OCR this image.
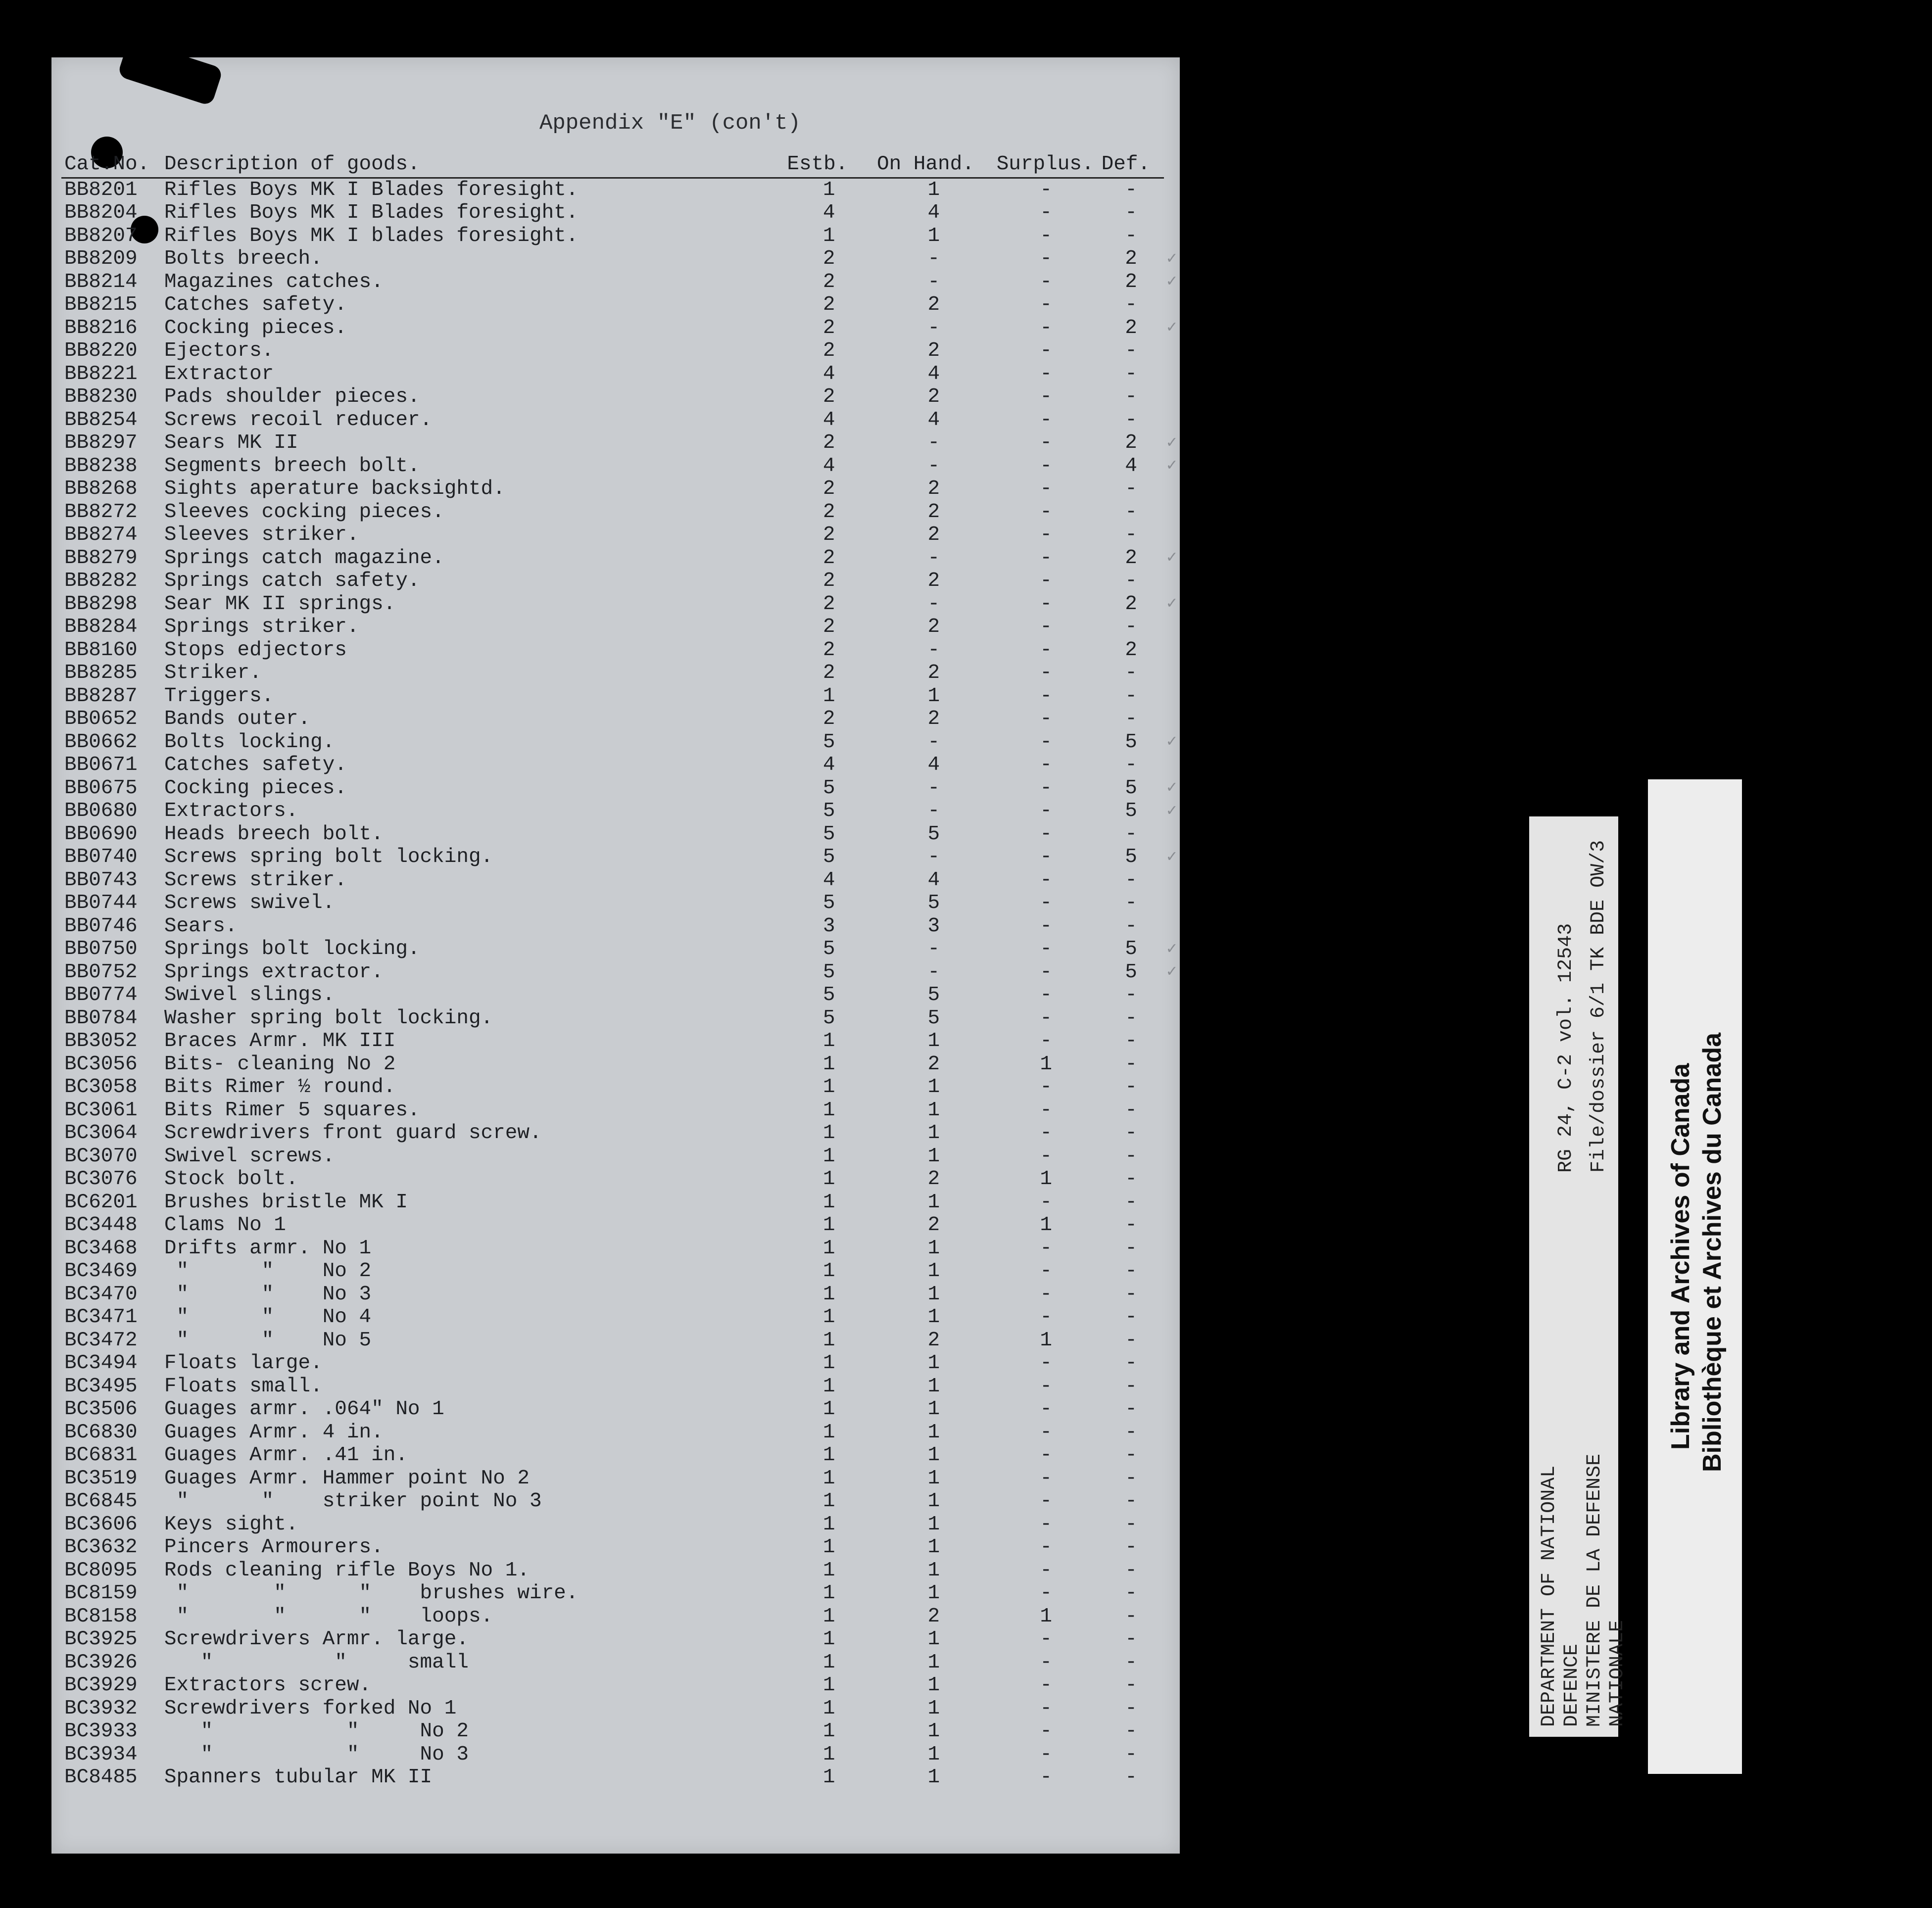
Appendix "E" (con't)
Cat.No.	Description of goods.	Estb.	On Hand.	Surplus.	Def.	
BB8201	Rifles Boys MK I Blades foresight.	1	1	-	-	
BB8204	Rifles Boys MK I Blades foresight.	4	4	-	-	
BB8207	Rifles Boys MK I blades foresight.	1	1	-	-	
BB8209	Bolts breech.	2	-	-	2	✓
BB8214	Magazines catches.	2	-	-	2	✓
BB8215	Catches safety.	2	2	-	-	
BB8216	Cocking pieces.	2	-	-	2	✓
BB8220	Ejectors.	2	2	-	-	
BB8221	Extractor	4	4	-	-	
BB8230	Pads shoulder pieces.	2	2	-	-	
BB8254	Screws recoil reducer.	4	4	-	-	
BB8297	Sears MK II	2	-	-	2	✓
BB8238	Segments breech bolt.	4	-	-	4	✓
BB8268	Sights aperature backsightd.	2	2	-	-	
BB8272	Sleeves cocking pieces.	2	2	-	-	
BB8274	Sleeves striker.	2	2	-	-	
BB8279	Springs catch magazine.	2	-	-	2	✓
BB8282	Springs catch safety.	2	2	-	-	
BB8298	Sear MK II springs.	2	-	-	2	✓
BB8284	Springs striker.	2	2	-	-	
BB8160	Stops edjectors	2	-	-	2	
BB8285	Striker.	2	2	-	-	
BB8287	Triggers.	1	1	-	-	
BB0652	Bands outer.	2	2	-	-	
BB0662	Bolts locking.	5	-	-	5	✓
BB0671	Catches safety.	4	4	-	-	
BB0675	Cocking pieces.	5	-	-	5	✓
BB0680	Extractors.	5	-	-	5	✓
BB0690	Heads breech bolt.	5	5	-	-	
BB0740	Screws spring bolt locking.	5	-	-	5	✓
BB0743	Screws striker.	4	4	-	-	
BB0744	Screws swivel.	5	5	-	-	
BB0746	Sears.	3	3	-	-	
BB0750	Springs bolt locking.	5	-	-	5	✓
BB0752	Springs extractor.	5	-	-	5	✓
BB0774	Swivel slings.	5	5	-	-	
BB0784	Washer spring bolt locking.	5	5	-	-	
BB3052	Braces Armr. MK III	1	1	-	-	
BC3056	Bits- cleaning No 2	1	2	1	-	
BC3058	Bits Rimer ½ round.	1	1	-	-	
BC3061	Bits Rimer 5 squares.	1	1	-	-	
BC3064	Screwdrivers front guard screw.	1	1	-	-	
BC3070	Swivel screws.	1	1	-	-	
BC3076	Stock bolt.	1	2	1	-	
BC6201	Brushes bristle MK I	1	1	-	-	
BC3448	Clams No 1	1	2	1	-	
BC3468	Drifts armr. No 1	1	1	-	-	
BC3469	"      "    No 2	1	1	-	-	
BC3470	"      "    No 3	1	1	-	-	
BC3471	"      "    No 4	1	1	-	-	
BC3472	"      "    No 5	1	2	1	-	
BC3494	Floats large.	1	1	-	-	
BC3495	Floats small.	1	1	-	-	
BC3506	Guages armr. .064" No 1	1	1	-	-	
BC6830	Guages Armr. 4 in.	1	1	-	-	
BC6831	Guages Armr. .41 in.	1	1	-	-	
BC3519	Guages Armr. Hammer point No 2	1	1	-	-	
BC6845	"      "    striker point No 3	1	1	-	-	
BC3606	Keys sight.	1	1	-	-	
BC3632	Pincers Armourers.	1	1	-	-	
BC8095	Rods cleaning rifle Boys No 1.	1	1	-	-	
BC8159	"       "      "    brushes wire.	1	1	-	-	
BC8158	"       "      "    loops.	1	2	1	-	
BC3925	Screwdrivers Armr. large.	1	1	-	-	
BC3926	"          "     small	1	1	-	-	
BC3929	Extractors screw.	1	1	-	-	
BC3932	Screwdrivers forked No 1	1	1	-	-	
BC3933	"           "     No 2	1	1	-	-	
BC3934	"           "     No 3	1	1	-	-	
BC8485	Spanners tubular MK II	1	1	-	-	
DEPARTMENT OF NATIONAL DEFENCE MINISTERE DE LA DEFENSE NATIONALE
RG 24, C-2 vol. 12543 File/dossier 6/1 TK BDE OW/3
Library and Archives of Canada Bibliothèque et Archives du Canada
